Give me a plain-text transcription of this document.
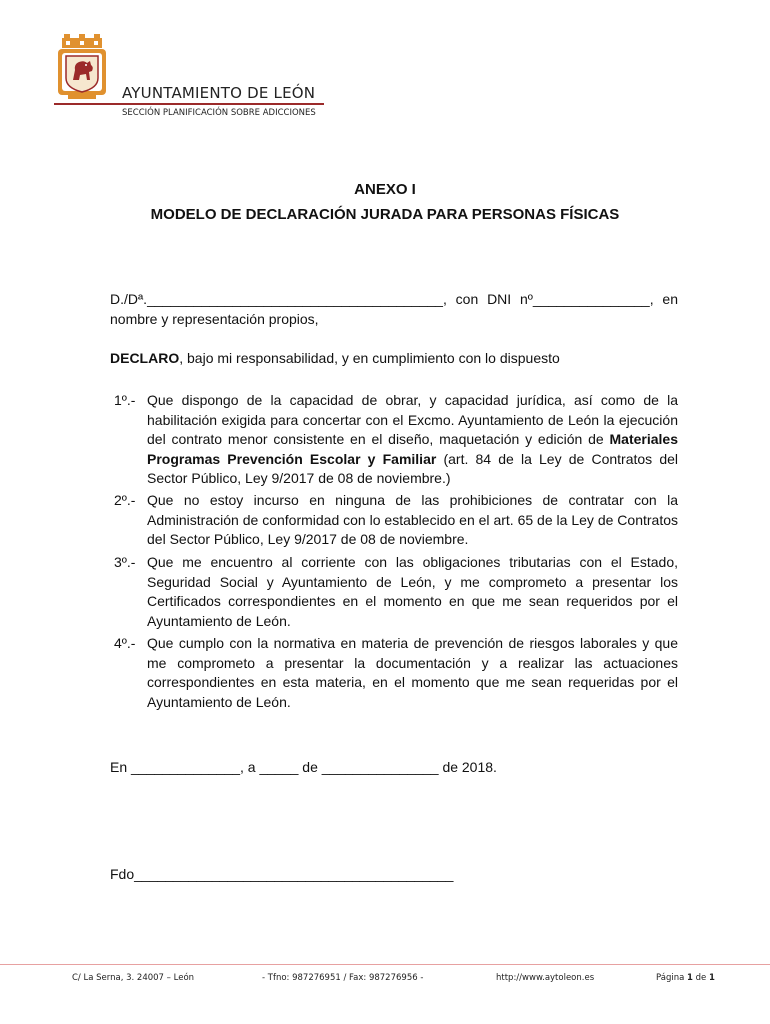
AYUNTAMIENTO DE LEÓN
SECCIÓN PLANIFICACIÓN SOBRE ADICCIONES
ANEXO I
MODELO DE DECLARACIÓN JURADA PARA PERSONAS FÍSICAS
D./Dª.______________________________________, con DNI nº_______________, en nombre y representación propios,
DECLARO, bajo mi responsabilidad, y en cumplimiento con lo dispuesto
1º.- Que dispongo de la capacidad de obrar, y capacidad jurídica, así como de la habilitación exigida para concertar con el Excmo. Ayuntamiento de León la ejecución del contrato menor consistente en el diseño, maquetación y edición de Materiales Programas Prevención Escolar y Familiar (art. 84 de la Ley de Contratos del Sector Público, Ley 9/2017 de 08 de noviembre.)
2º.- Que no estoy incurso en ninguna de las prohibiciones de contratar con la Administración de conformidad con lo establecido en el art. 65 de la Ley de Contratos del Sector Público, Ley 9/2017 de 08 de noviembre.
3º.- Que me encuentro al corriente con las obligaciones tributarias con el Estado, Seguridad Social y Ayuntamiento de León, y me comprometo a presentar los Certificados correspondientes en el momento en que me sean requeridos por el Ayuntamiento de León.
4º.- Que cumplo con la normativa en materia de prevención de riesgos laborales y que me comprometo a presentar la documentación y a realizar las actuaciones correspondientes en esta materia, en el momento que me sean requeridas por el Ayuntamiento de León.
En ______________, a _____ de _______________ de 2018.
Fdo_________________________________________
C/ La Serna, 3. 24007 – León	- Tfno: 987276951 / Fax: 987276956 -	http://www.aytoleon.es	Página 1 de 1
